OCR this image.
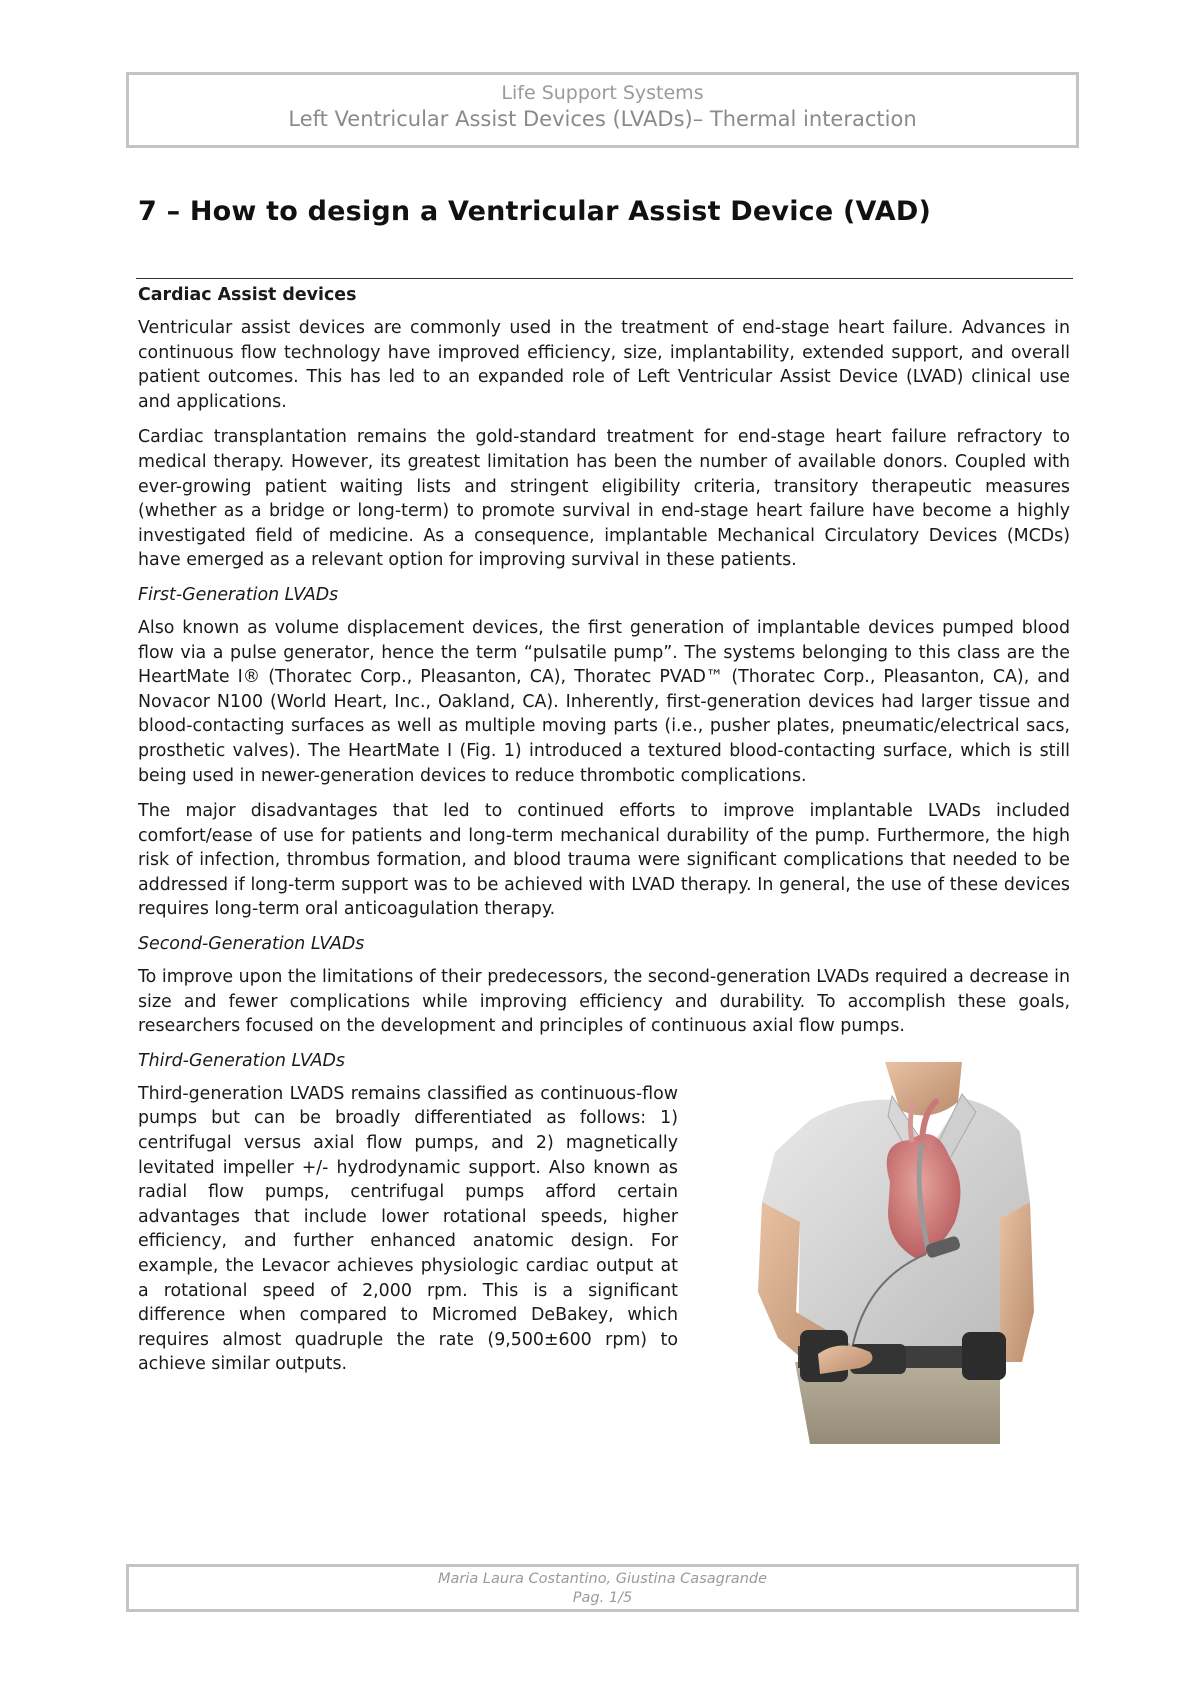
Life Support Systems
Left Ventricular Assist Devices (LVADs)– Thermal interaction
7 – How to design a Ventricular Assist Device (VAD)
Cardiac Assist devices

Ventricular assist devices are commonly used in the treatment of end-stage heart failure. Advances in continuous flow technology have improved efficiency, size, implantability, extended support, and overall patient outcomes. This has led to an expanded role of Left Ventricular Assist Device (LVAD) clinical use and applications.

Cardiac transplantation remains the gold-standard treatment for end-stage heart failure refractory to medical therapy. However, its greatest limitation has been the number of available donors. Coupled with ever-growing patient waiting lists and stringent eligibility criteria, transitory therapeutic measures (whether as a bridge or long-term) to promote survival in end-stage heart failure have become a highly investigated field of medicine. As a consequence, implantable Mechanical Circulatory Devices (MCDs) have emerged as a relevant option for improving survival in these patients.

First-Generation LVADs

Also known as volume displacement devices, the first generation of implantable devices pumped blood flow via a pulse generator, hence the term “pulsatile pump”. The systems belonging to this class are the HeartMate I® (Thoratec Corp., Pleasanton, CA), Thoratec PVAD™ (Thoratec Corp., Pleasanton, CA), and Novacor N100 (World Heart, Inc., Oakland, CA). Inherently, first-generation devices had larger tissue and blood-contacting surfaces as well as multiple moving parts (i.e., pusher plates, pneumatic/electrical sacs, prosthetic valves). The HeartMate I (Fig. 1) introduced a textured blood-contacting surface, which is still being used in newer-generation devices to reduce thrombotic complications.

The major disadvantages that led to continued efforts to improve implantable LVADs included comfort/ease of use for patients and long-term mechanical durability of the pump. Furthermore, the high risk of infection, thrombus formation, and blood trauma were significant complications that needed to be addressed if long-term support was to be achieved with LVAD therapy. In general, the use of these devices requires long-term oral anticoagulation therapy.

Second-Generation LVADs

To improve upon the limitations of their predecessors, the second-generation LVADs required a decrease in size and fewer complications while improving efficiency and durability. To accomplish these goals, researchers focused on the development and principles of continuous axial flow pumps.

Third-Generation LVADs

Third-generation LVADS remains classified as continuous-flow pumps but can be broadly differentiated as follows: 1) centrifugal versus axial flow pumps, and 2) magnetically levitated impeller +/- hydrodynamic support. Also known as radial flow pumps, centrifugal pumps afford certain advantages that include lower rotational speeds, higher efficiency, and further enhanced anatomic design. For example, the Levacor achieves physiologic cardiac output at a rotational speed of 2,000 rpm. This is a significant difference when compared to Micromed DeBakey, which requires almost quadruple the rate (9,500±600 rpm) to achieve similar outputs.

Maria Laura Costantino, Giustina Casagrande
Pag. 1/5
